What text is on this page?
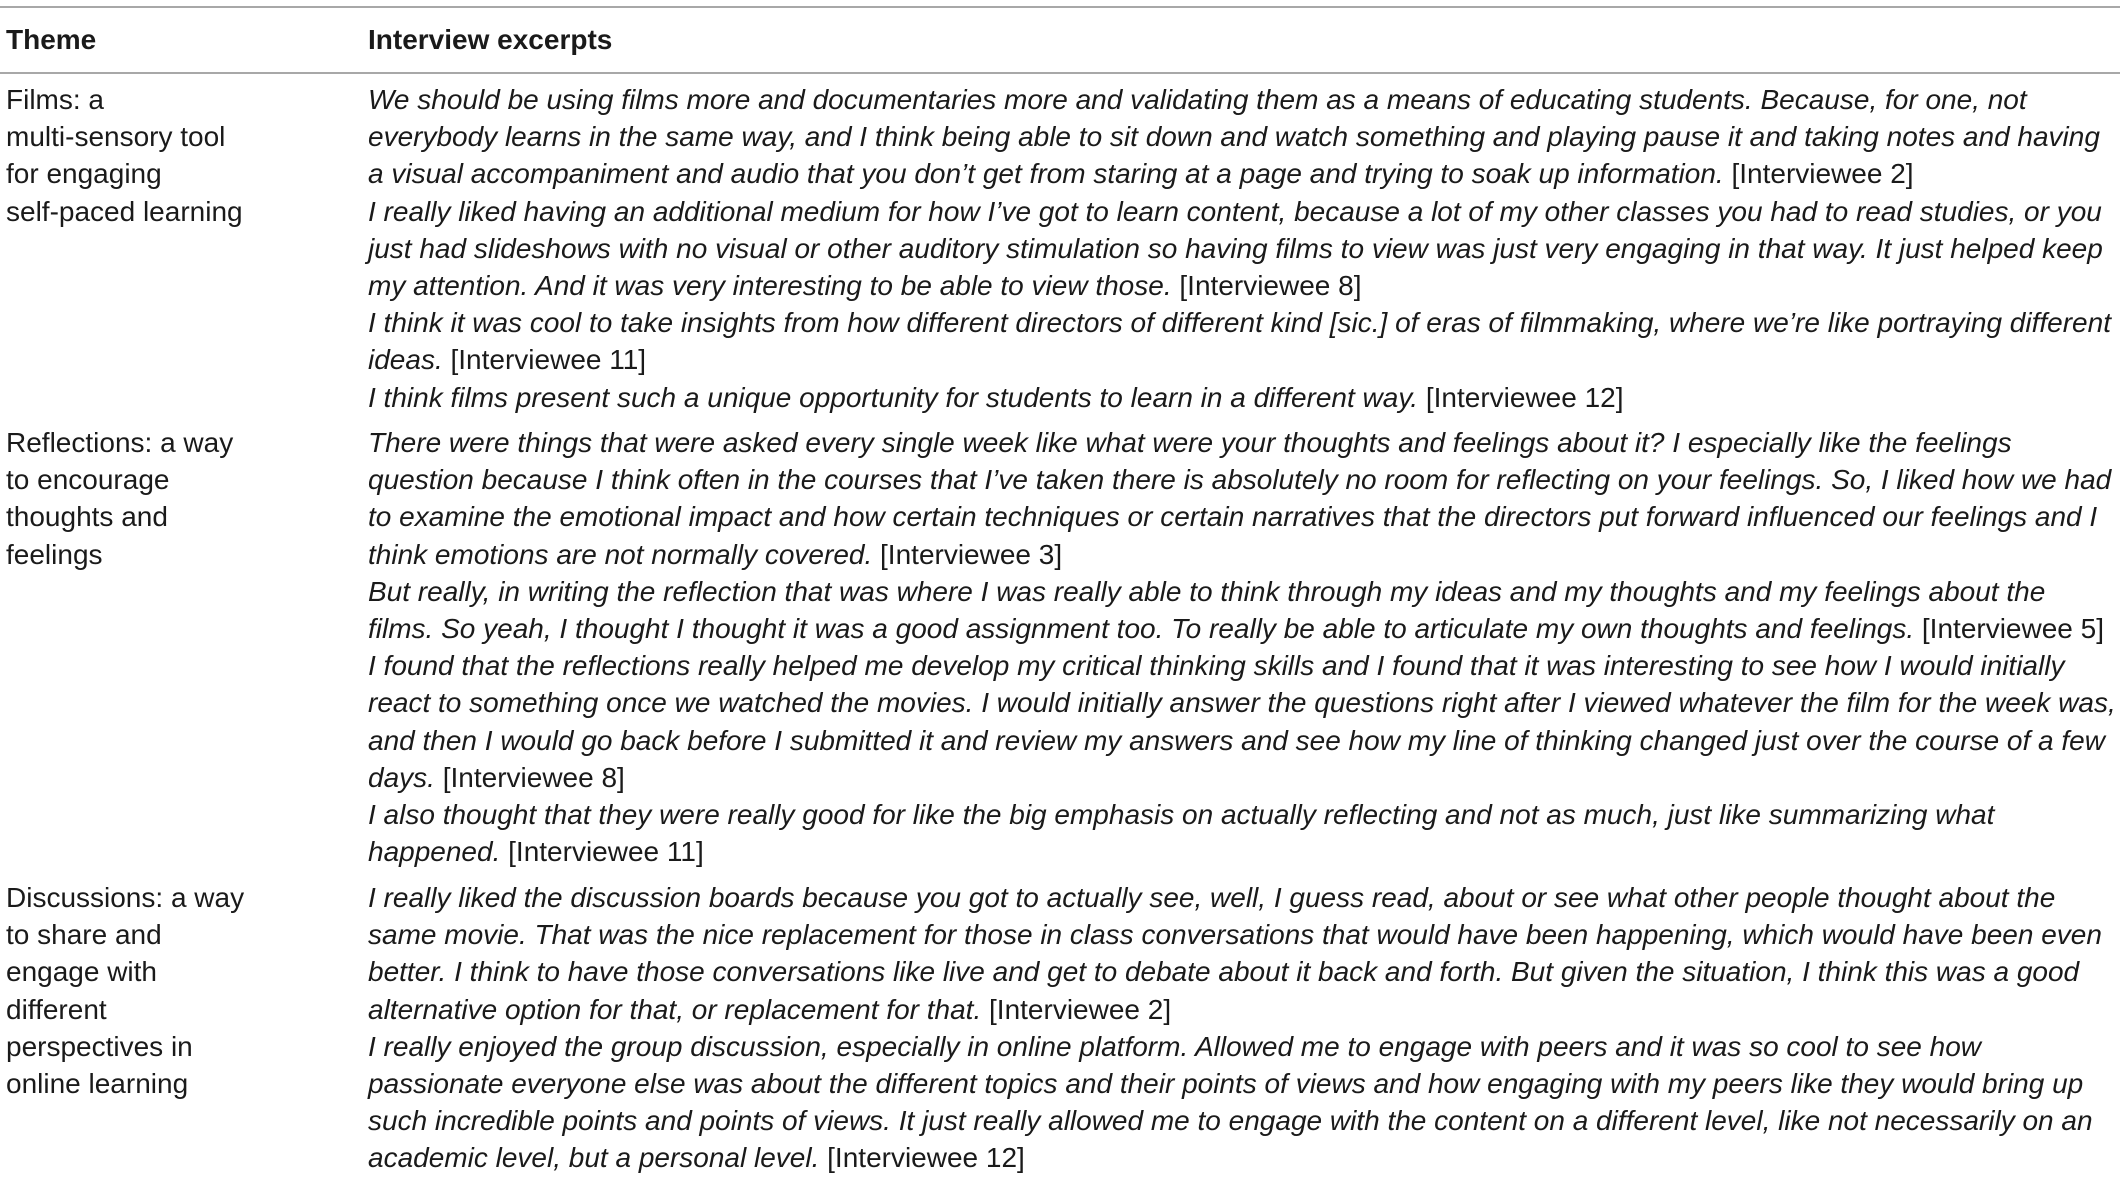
Theme	Interview excerpts
Films: a
multi-sensory tool
for engaging
self-paced learning
We should be using films more and documentaries more and validating them as a means of educating students. Because, for one, not everybody learns in the same way, and I think being able to sit down and watch something and playing pause it and taking notes and having a visual accompaniment and audio that you don’t get from staring at a page and trying to soak up information. [Interviewee 2]
I really liked having an additional medium for how I’ve got to learn content, because a lot of my other classes you had to read studies, or you just had slideshows with no visual or other auditory stimulation so having films to view was just very engaging in that way. It just helped keep my attention. And it was very interesting to be able to view those. [Interviewee 8]
I think it was cool to take insights from how different directors of different kind [sic.] of eras of filmmaking, where we’re like portraying different ideas. [Interviewee 11]
I think films present such a unique opportunity for students to learn in a different way. [Interviewee 12]
Reflections: a way
to encourage
thoughts and
feelings
There were things that were asked every single week like what were your thoughts and feelings about it? I especially like the feelings question because I think often in the courses that I’ve taken there is absolutely no room for reflecting on your feelings. So, I liked how we had to examine the emotional impact and how certain techniques or certain narratives that the directors put forward influenced our feelings and I think emotions are not normally covered. [Interviewee 3]
But really, in writing the reflection that was where I was really able to think through my ideas and my thoughts and my feelings about the films. So yeah, I thought I thought it was a good assignment too. To really be able to articulate my own thoughts and feelings. [Interviewee 5]
I found that the reflections really helped me develop my critical thinking skills and I found that it was interesting to see how I would initially react to something once we watched the movies. I would initially answer the questions right after I viewed whatever the film for the week was, and then I would go back before I submitted it and review my answers and see how my line of thinking changed just over the course of a few days. [Interviewee 8]
I also thought that they were really good for like the big emphasis on actually reflecting and not as much, just like summarizing what happened. [Interviewee 11]
Discussions: a way
to share and
engage with
different
perspectives in
online learning
I really liked the discussion boards because you got to actually see, well, I guess read, about or see what other people thought about the same movie. That was the nice replacement for those in class conversations that would have been happening, which would have been even better. I think to have those conversations like live and get to debate about it back and forth. But given the situation, I think this was a good alternative option for that, or replacement for that. [Interviewee 2]
I really enjoyed the group discussion, especially in online platform. Allowed me to engage with peers and it was so cool to see how passionate everyone else was about the different topics and their points of views and how engaging with my peers like they would bring up such incredible points and points of views. It just really allowed me to engage with the content on a different level, like not necessarily on an academic level, but a personal level. [Interviewee 12]
